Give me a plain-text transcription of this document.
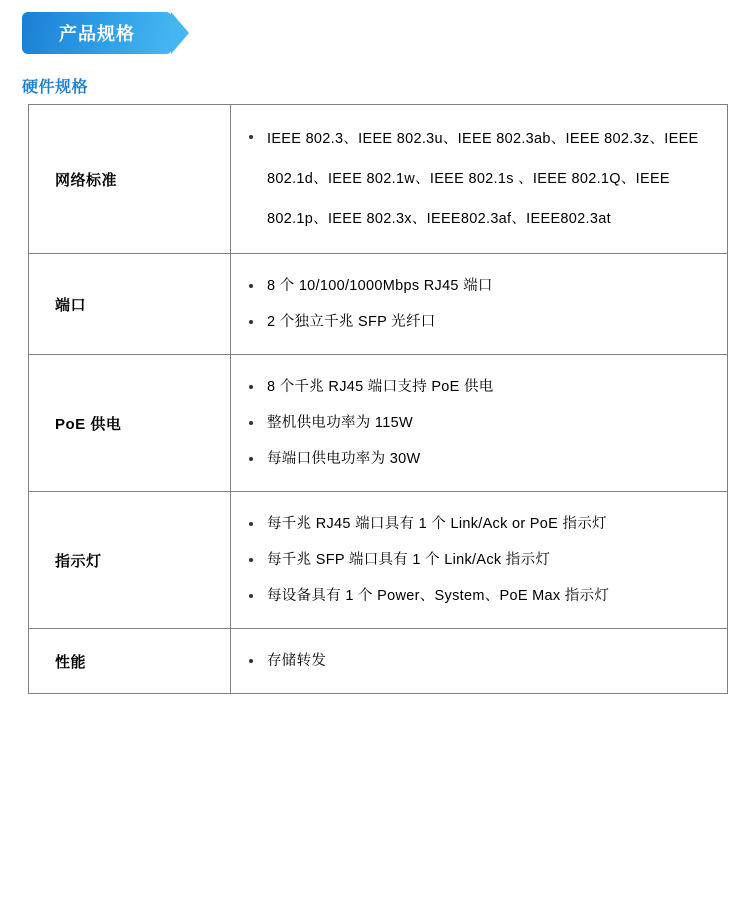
产品规格
硬件规格
网络标准	
IEEE 802.3、IEEE 802.3u、IEEE 802.3ab、IEEE 802.3z、IEEE 802.1d、IEEE 802.1w、IEEE 802.1s 、IEEE 802.1Q、IEEE 802.1p、IEEE 802.3x、IEEE802.3af、IEEE802.3at

端口	
8 个 10/100/1000Mbps RJ45 端口
2 个独立千兆 SFP 光纤口

PoE 供电	
8 个千兆 RJ45 端口支持 PoE 供电
整机供电功率为 115W
每端口供电功率为 30W

指示灯	
每千兆 RJ45 端口具有 1 个 Link/Ack or PoE 指示灯
每千兆 SFP 端口具有 1 个 Link/Ack 指示灯
每设备具有 1 个 Power、System、PoE Max 指示灯

性能	存储转发
